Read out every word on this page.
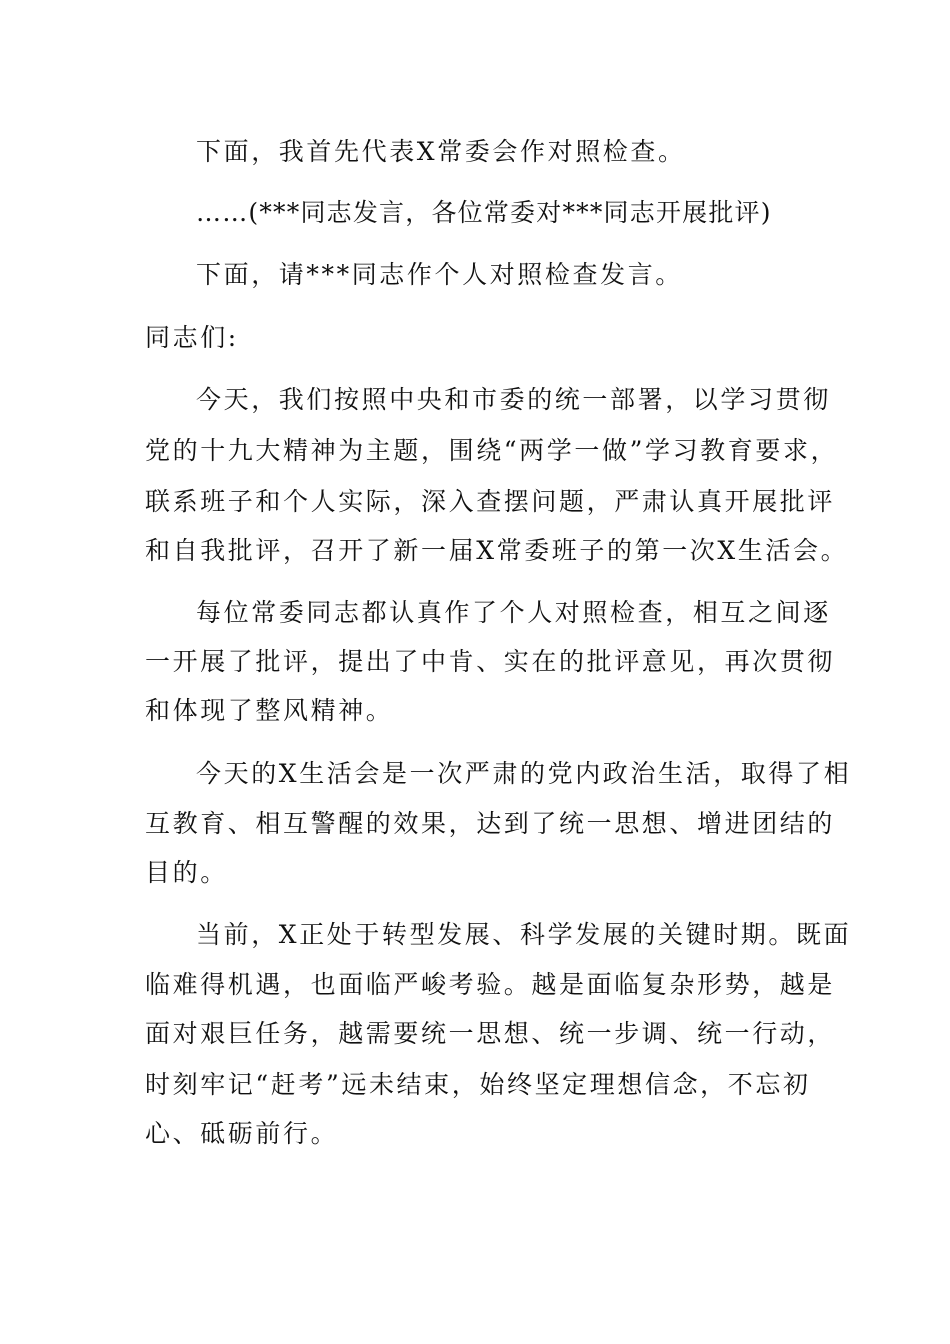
下面，我首先代表X常委会作对照检查。

……(***同志发言，各位常委对***同志开展批评)

下面，请***同志作个人对照检查发言。

同志们:

今天，我们按照中央和市委的统一部署，以学习贯彻

党的十九大精神为主题，围绕“两学一做”学习教育要求，

联系班子和个人实际，深入查摆问题，严肃认真开展批评

和自我批评，召开了新一届X常委班子的第一次X生活会。

每位常委同志都认真作了个人对照检查，相互之间逐

一开展了批评，提出了中肯、实在的批评意见，再次贯彻

和体现了整风精神。

今天的X生活会是一次严肃的党内政治生活，取得了相

互教育、相互警醒的效果，达到了统一思想、增进团结的

目的。

当前，X正处于转型发展、科学发展的关键时期。既面

临难得机遇，也面临严峻考验。越是面临复杂形势，越是

面对艰巨任务，越需要统一思想、统一步调、统一行动，

时刻牢记“赶考”远未结束，始终坚定理想信念，不忘初

心、砥砺前行。
